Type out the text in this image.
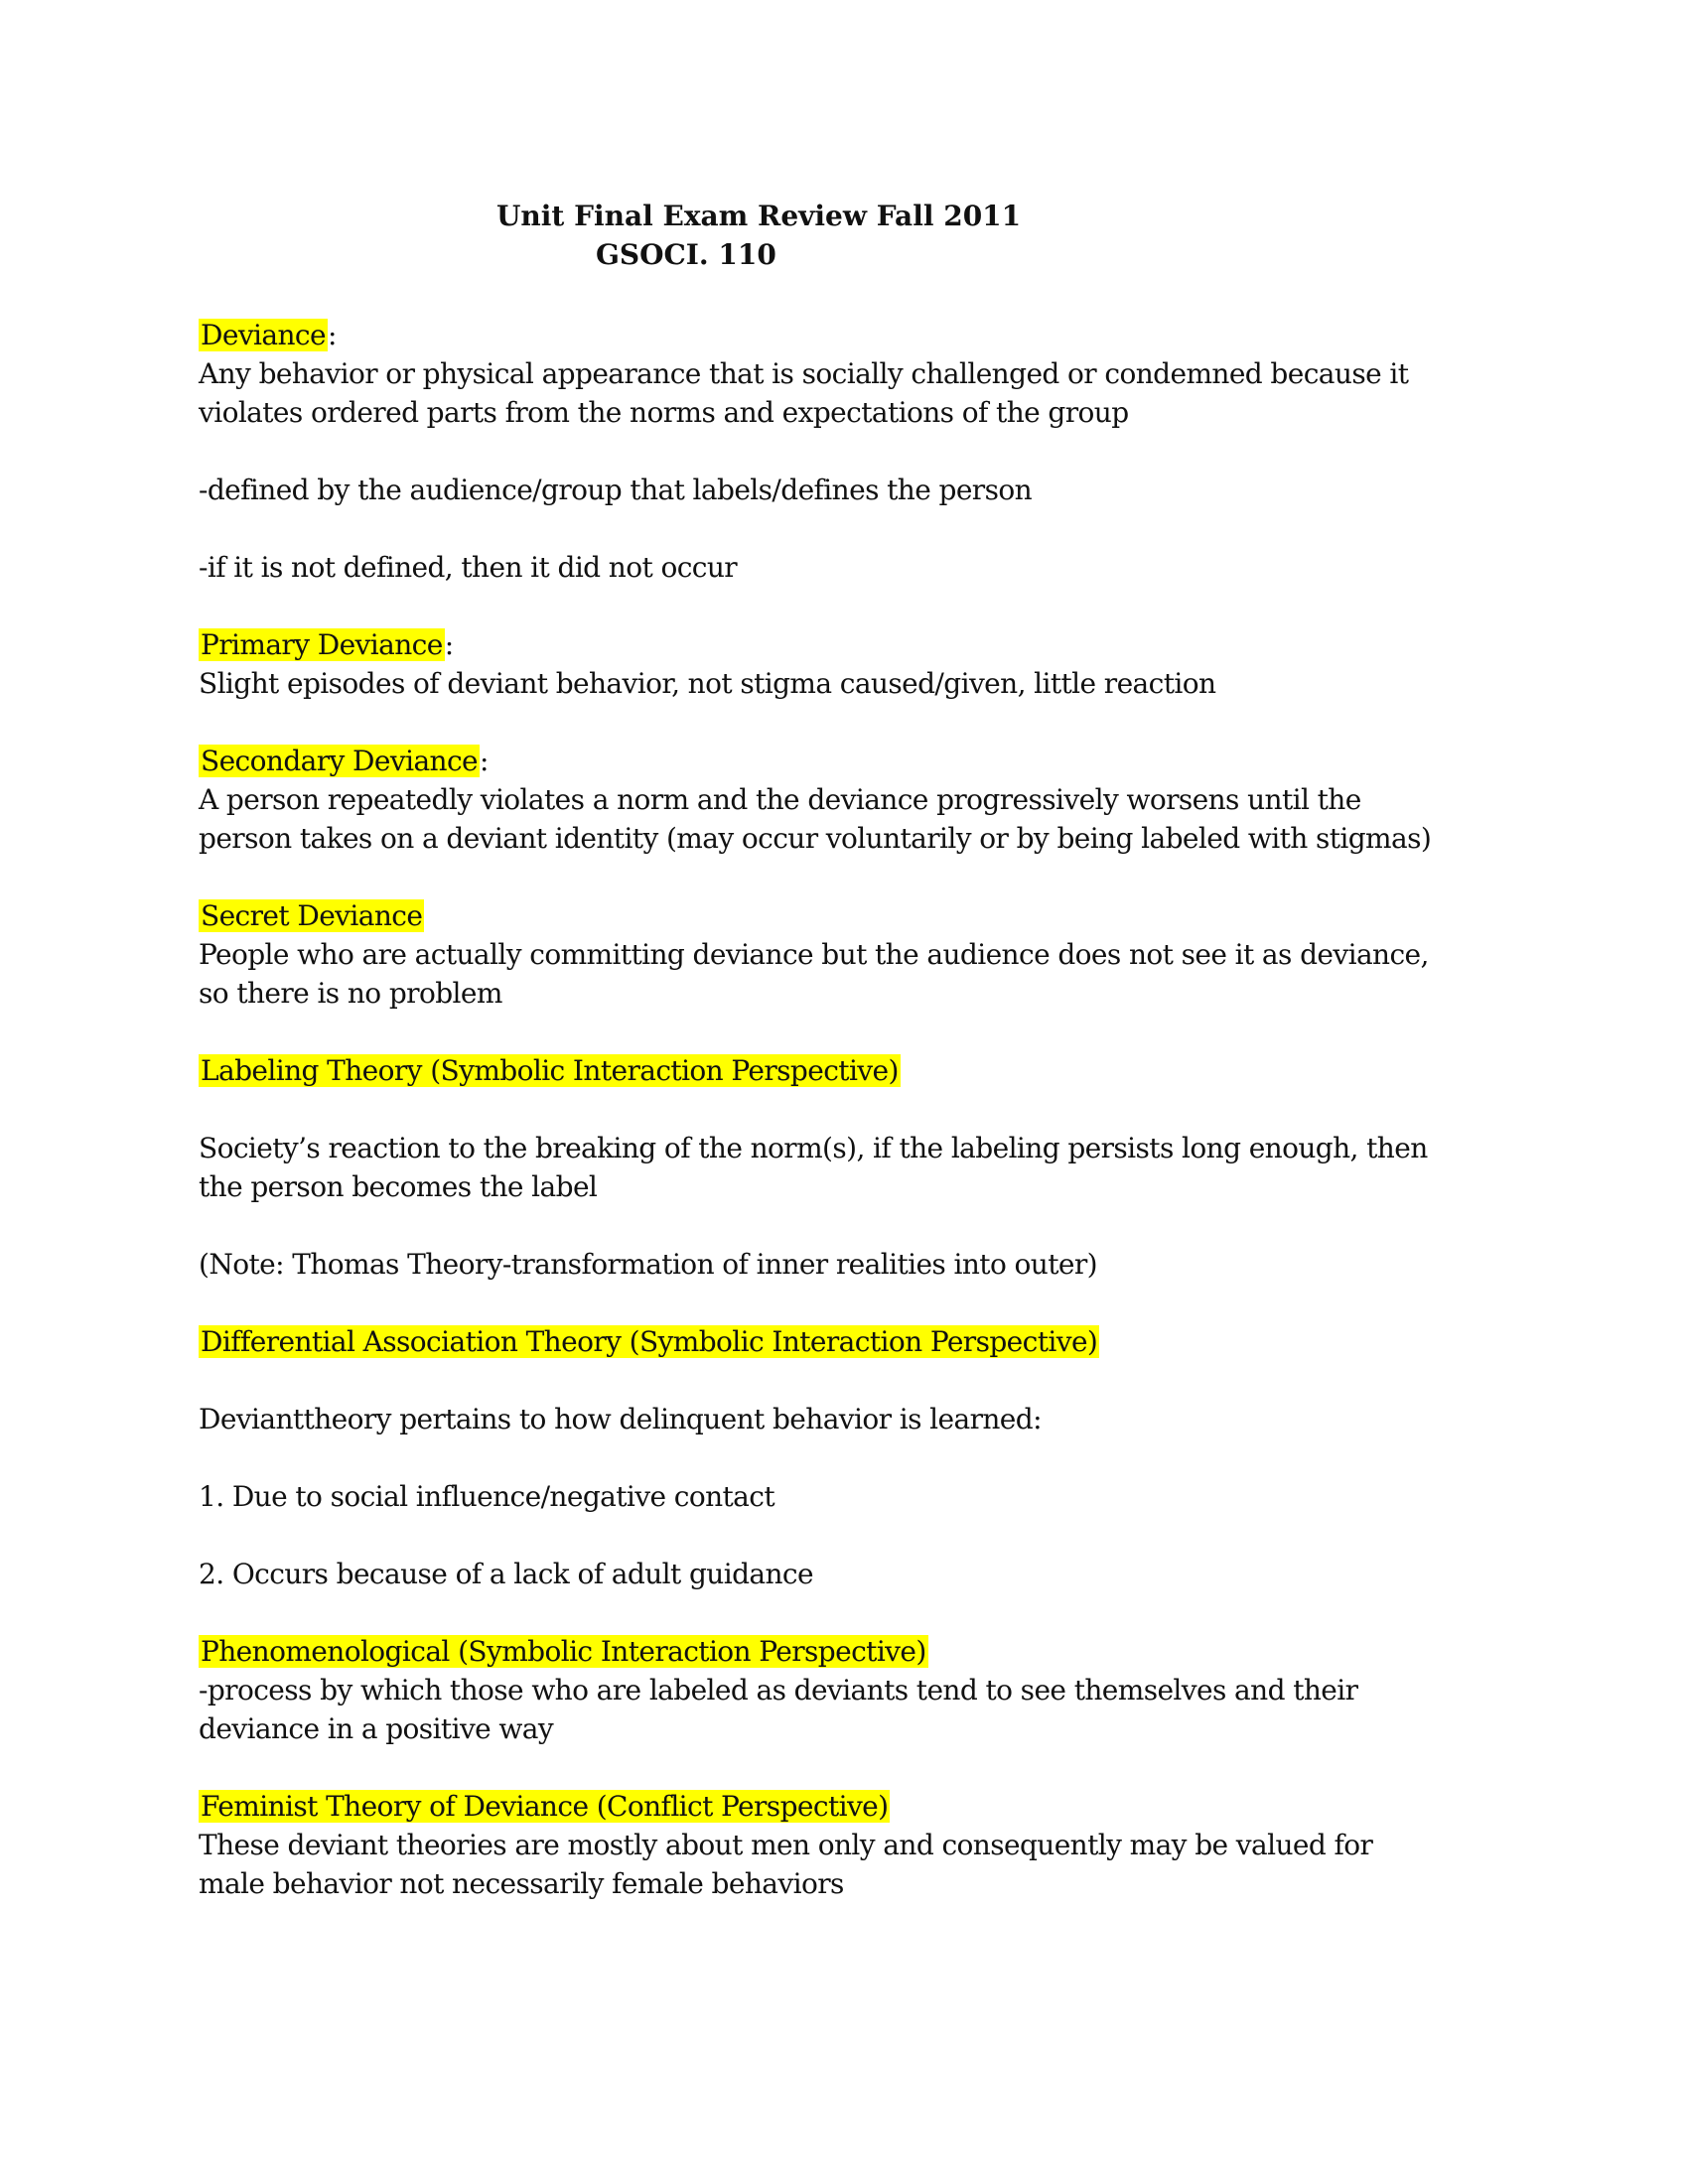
Unit Final Exam Review Fall 2011
GSOCI. 110
Deviance:
Any behavior or physical appearance that is socially challenged or condemned because it
violates ordered parts from the norms and expectations of the group
-defined by the audience/group that labels/defines the person
-if it is not defined, then it did not occur
Primary Deviance:
Slight episodes of deviant behavior, not stigma caused/given, little reaction
Secondary Deviance:
A person repeatedly violates a norm and the deviance progressively worsens until the
person takes on a deviant identity (may occur voluntarily or by being labeled with stigmas)
Secret Deviance
People who are actually committing deviance but the audience does not see it as deviance,
so there is no problem
Labeling Theory (Symbolic Interaction Perspective)
Society’s reaction to the breaking of the norm(s), if the labeling persists long enough, then
the person becomes the label
(Note: Thomas Theory-transformation of inner realities into outer)
Differential Association Theory (Symbolic Interaction Perspective)
Devianttheory pertains to how delinquent behavior is learned:
1. Due to social influence/negative contact
2. Occurs because of a lack of adult guidance
Phenomenological (Symbolic Interaction Perspective)
-process by which those who are labeled as deviants tend to see themselves and their
deviance in a positive way
Feminist Theory of Deviance (Conflict Perspective)
These deviant theories are mostly about men only and consequently may be valued for
male behavior not necessarily female behaviors
